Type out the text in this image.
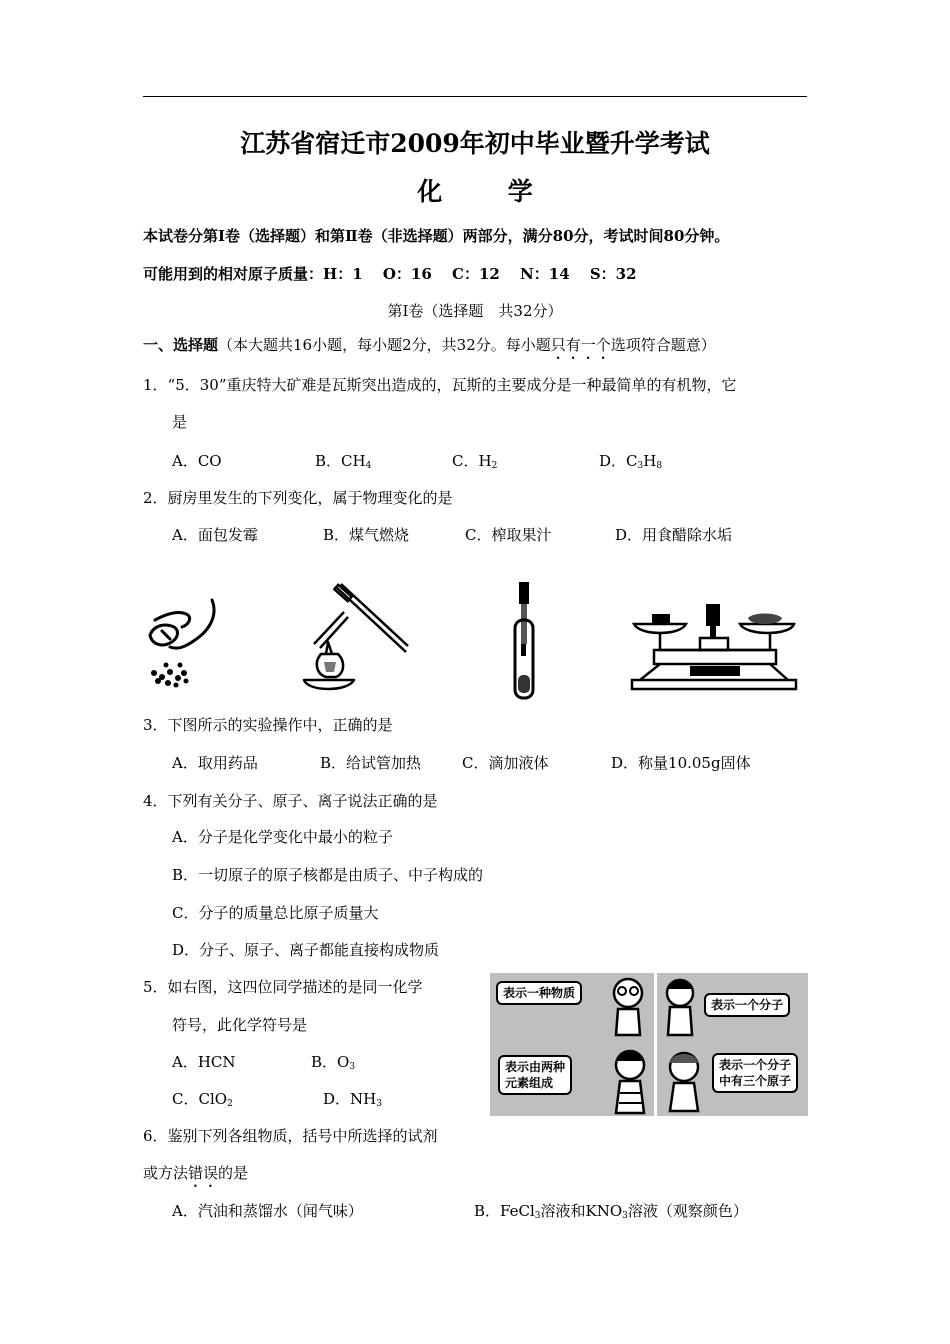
江苏省宿迁市2009年初中毕业暨升学考试
化	学
本试卷分第Ⅰ卷（选择题）和第Ⅱ卷（非选择题）两部分，满分80分，考试时间80分钟。
可能用到的相对原子质量：H：1　 O：16　 C：12　 N：14　 S：32
第Ⅰ卷（选择题　共32分）
一、选择题（本大题共16小题，每小题2分，共32分。每小题只有一个选项符合题意）
1．“5．30”重庆特大矿难是瓦斯突出造成的，瓦斯的主要成分是一种最简单的有机物，它
是
A．CO	B．$CH_4$	C．$H_2$	D．$C_3H_8$
2．厨房里发生的下列变化，属于物理变化的是
A．面包发霉	B．煤气燃烧	C．榨取果汁	D．用食醋除水垢
3．下图所示的实验操作中，正确的是
A．取用药品	B．给试管加热	C．滴加液体	D．称量10.05g固体
4．下列有关分子、原子、离子说法正确的是
A．分子是化学变化中最小的粒子
B．一切原子的原子核都是由质子、中子构成的
C．分子的质量总比原子质量大
D．分子、原子、离子都能直接构成物质
5．如右图，这四位同学描述的是同一化学
符号，此化学符号是
A．HCN	B．$O_3$
C．ClO$_2$	D．$NH_3$
表示一种物质
表示一个分子
表示由两种
元素组成
表示一个分子
中有三个原子
6．鉴别下列各组物质，括号中所选择的试剂
或方法错误的是
A．汽油和蒸馏水（闻气味）	B．FeCl$_3$溶液和$KNO_3$溶液（观察颜色）
